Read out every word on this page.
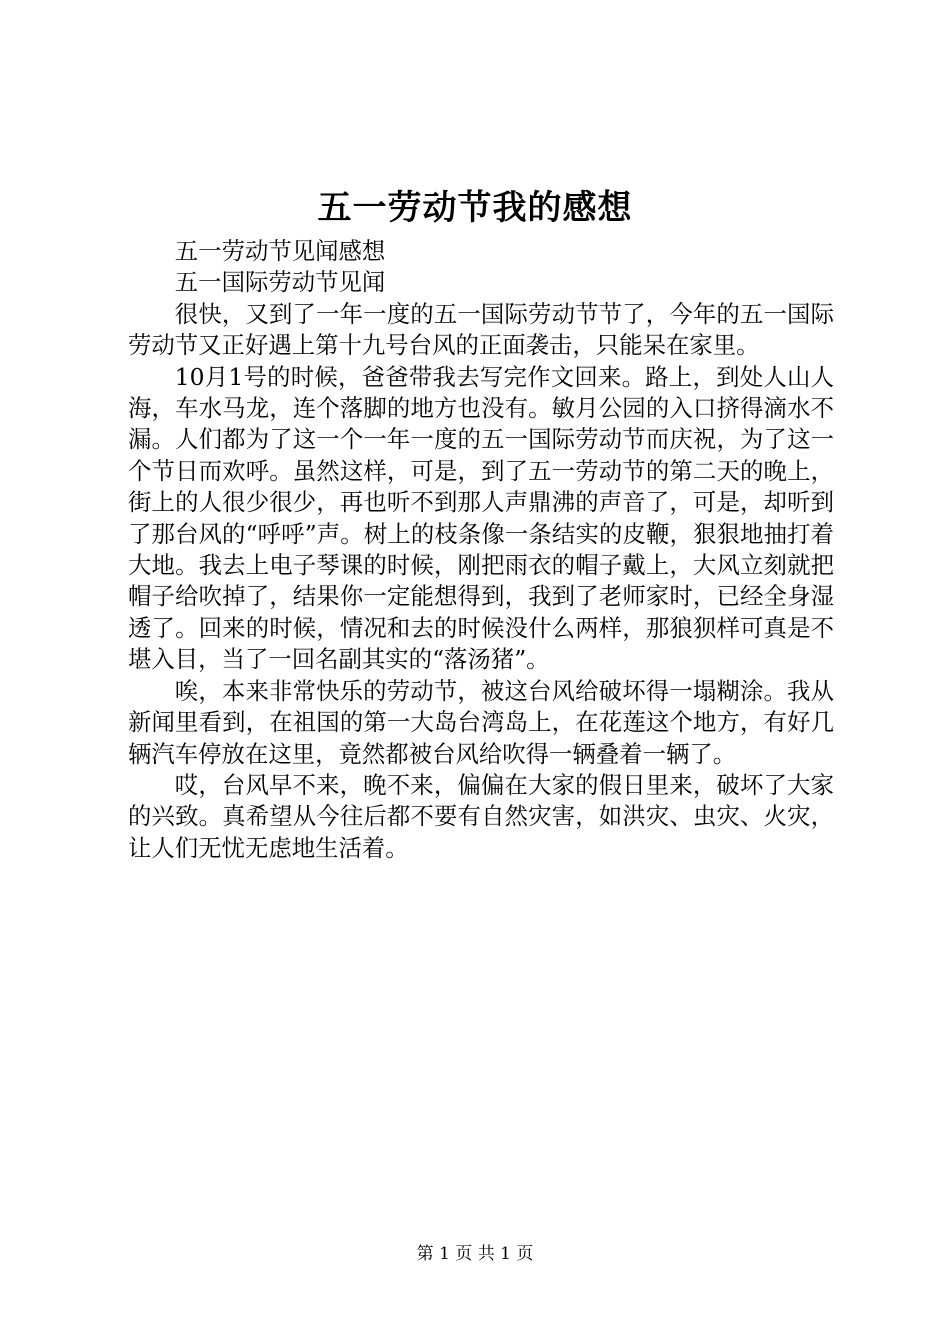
五一劳动节我的感想

五一劳动节见闻感想

五一国际劳动节见闻

很快，又到了一年一度的五一国际劳动节节了，今年的五一国际劳动节又正好遇上第十九号台风的正面袭击，只能呆在家里。

10月1号的时候，爸爸带我去写完作文回来。路上，到处人山人海，车水马龙，连个落脚的地方也没有。敏月公园的入口挤得滴水不漏。人们都为了这一个一年一度的五一国际劳动节而庆祝，为了这一个节日而欢呼。虽然这样，可是，到了五一劳动节的第二天的晚上，街上的人很少很少，再也听不到那人声鼎沸的声音了，可是，却听到了那台风的“呼呼”声。树上的枝条像一条结实的皮鞭，狠狠地抽打着大地。我去上电子琴课的时候，刚把雨衣的帽子戴上，大风立刻就把帽子给吹掉了，结果你一定能想得到，我到了老师家时，已经全身湿透了。回来的时候，情况和去的时候没什么两样，那狼狈样可真是不堪入目，当了一回名副其实的“落汤猪”。

唉，本来非常快乐的劳动节，被这台风给破坏得一塌糊涂。我从新闻里看到，在祖国的第一大岛台湾岛上，在花莲这个地方，有好几辆汽车停放在这里，竟然都被台风给吹得一辆叠着一辆了。

哎，台风早不来，晚不来，偏偏在大家的假日里来，破坏了大家的兴致。真希望从今往后都不要有自然灾害，如洪灾、虫灾、火灾，让人们无忧无虑地生活着。

第 1 页 共 1 页
